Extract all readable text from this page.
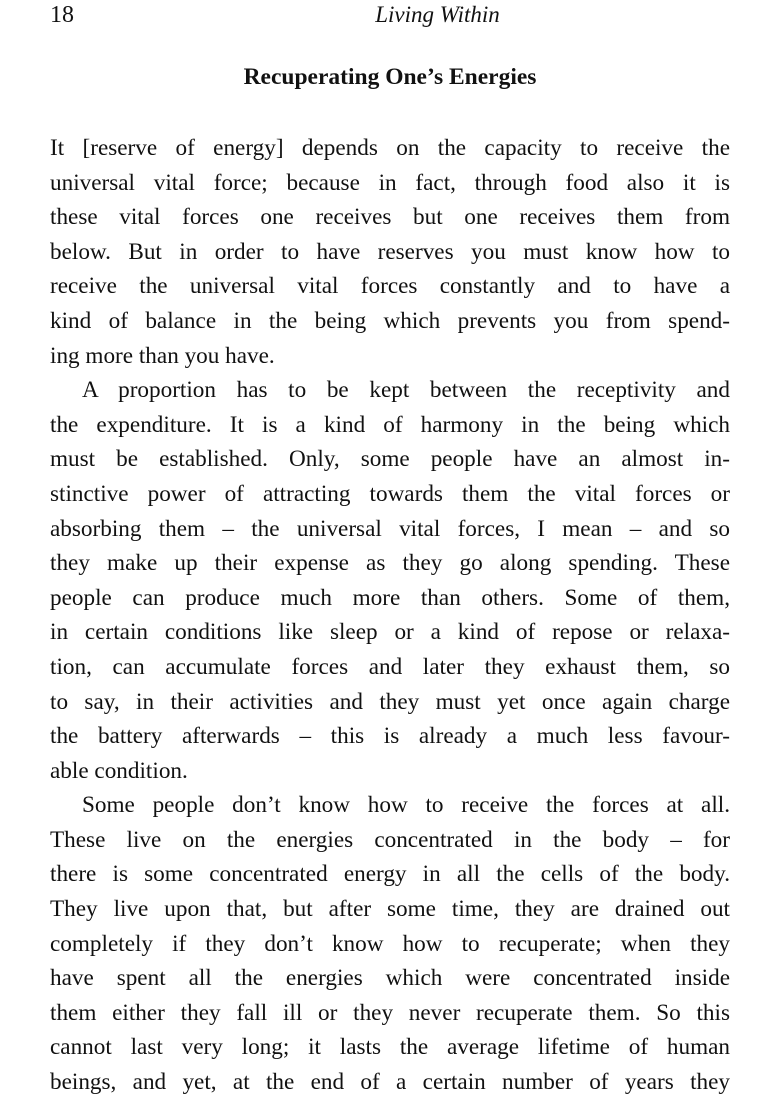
18	Living Within
Recuperating One’s Energies
It [reserve of energy] depends on the capacity to receive the
universal vital force; because in fact, through food also it is
these vital forces one receives but one receives them from
below. But in order to have reserves you must know how to
receive the universal vital forces constantly and to have a
kind of balance in the being which prevents you from spend-
ing more than you have.
A proportion has to be kept between the receptivity and
the expenditure. It is a kind of harmony in the being which
must be established. Only, some people have an almost in-
stinctive power of attracting towards them the vital forces or
absorbing them – the universal vital forces, I mean – and so
they make up their expense as they go along spending. These
people can produce much more than others. Some of them,
in certain conditions like sleep or a kind of repose or relaxa-
tion, can accumulate forces and later they exhaust them, so
to say, in their activities and they must yet once again charge
the battery afterwards – this is already a much less favour-
able condition.
Some people don’t know how to receive the forces at all.
These live on the energies concentrated in the body – for
there is some concentrated energy in all the cells of the body.
They live upon that, but after some time, they are drained out
completely if they don’t know how to recuperate; when they
have spent all the energies which were concentrated inside
them either they fall ill or they never recuperate them. So this
cannot last very long; it lasts the average lifetime of human
beings, and yet, at the end of a certain number of years they
